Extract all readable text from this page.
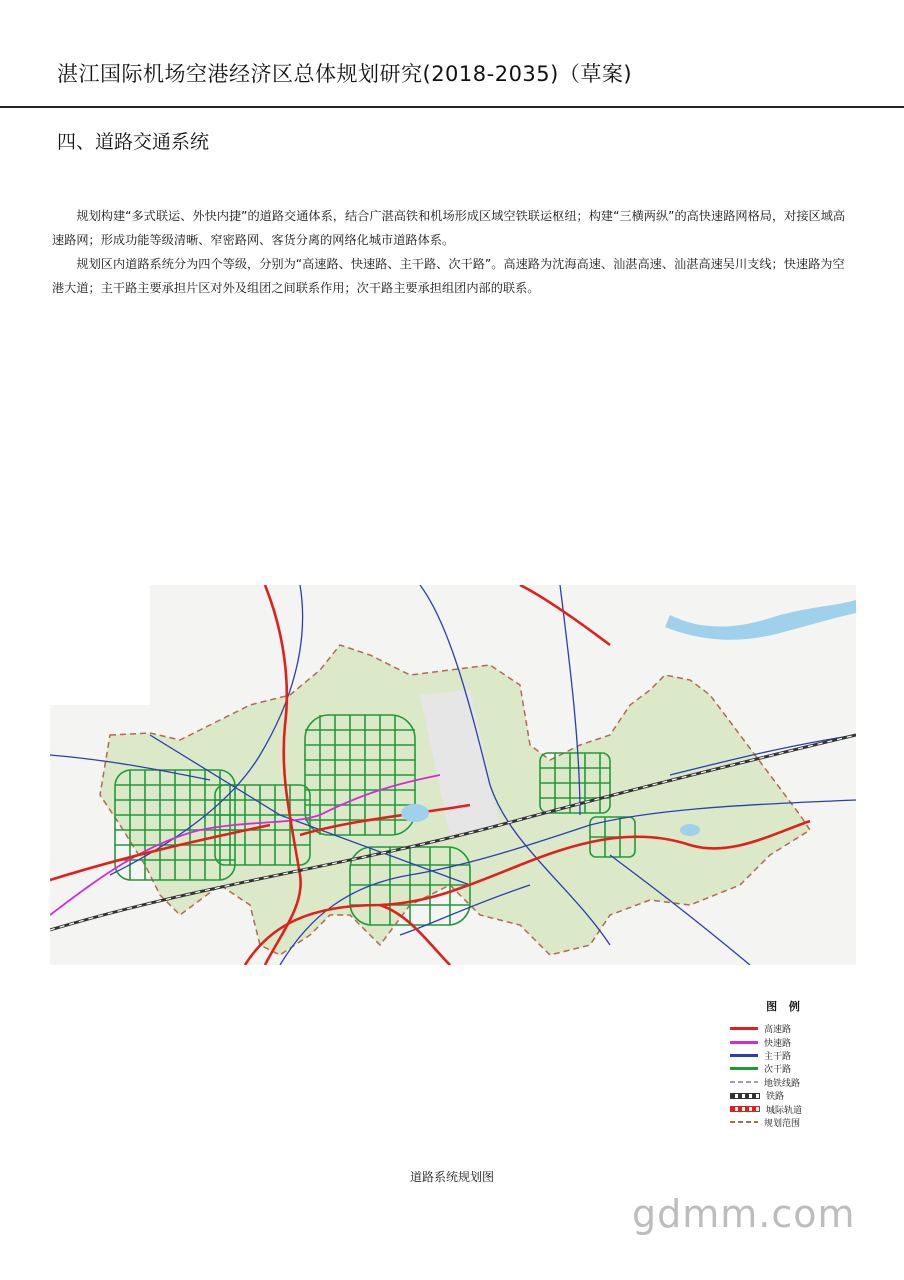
湛江国际机场空港经济区总体规划研究(2018-2035)（草案)
四、道路交通系统

规划构建“多式联运、外快内捷”的道路交通体系，结合广湛高铁和机场形成区域空铁联运枢纽；构建“三横两纵”的高快速路网格局，对接区域高速路网；形成功能等级清晰、窄密路网、客货分离的网络化城市道路体系。

规划区内道路系统分为四个等级，分别为“高速路、快速路、主干路、次干路”。高速路为沈海高速、汕湛高速、汕湛高速吴川支线；快速路为空港大道；主干路主要承担片区对外及组团之间联系作用；次干路主要承担组团内部的联系。

图 例
高速路
快速路
主干路
次干路
地铁线路
铁路
城际轨道
规划范围
道路系统规划图
gdmm.com
